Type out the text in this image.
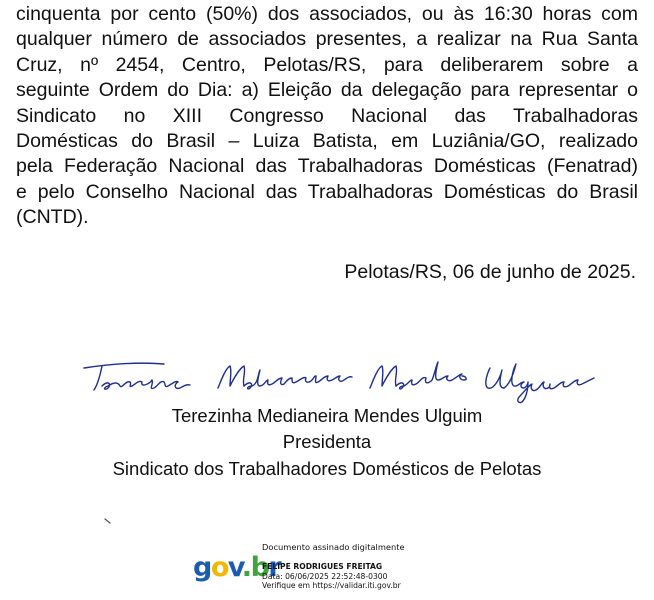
cinquenta por cento (50%) dos associados, ou às 16:30 horas com
qualquer número de associados presentes, a realizar na Rua Santa
Cruz, nº 2454, Centro, Pelotas/RS, para deliberarem sobre a
seguinte Ordem do Dia: a) Eleição da delegação para representar o
Sindicato no XIII Congresso Nacional das Trabalhadoras
Domésticas do Brasil – Luiza Batista, em Luziânia/GO, realizado
pela Federação Nacional das Trabalhadoras Domésticas (Fenatrad)
e pelo Conselho Nacional das Trabalhadoras Domésticas do Brasil
(CNTD).

Pelotas/RS, 06 de junho de 2025.

Terezinha Medianeira Mendes Ulguim

Presidenta

Sindicato dos Trabalhadores Domésticos de Pelotas

gov.br
Documento assinado digitalmente
FELIPE RODRIGUES FREITAG
Data: 06/06/2025 22:52:48-0300
Verifique em https://validar.iti.gov.br
